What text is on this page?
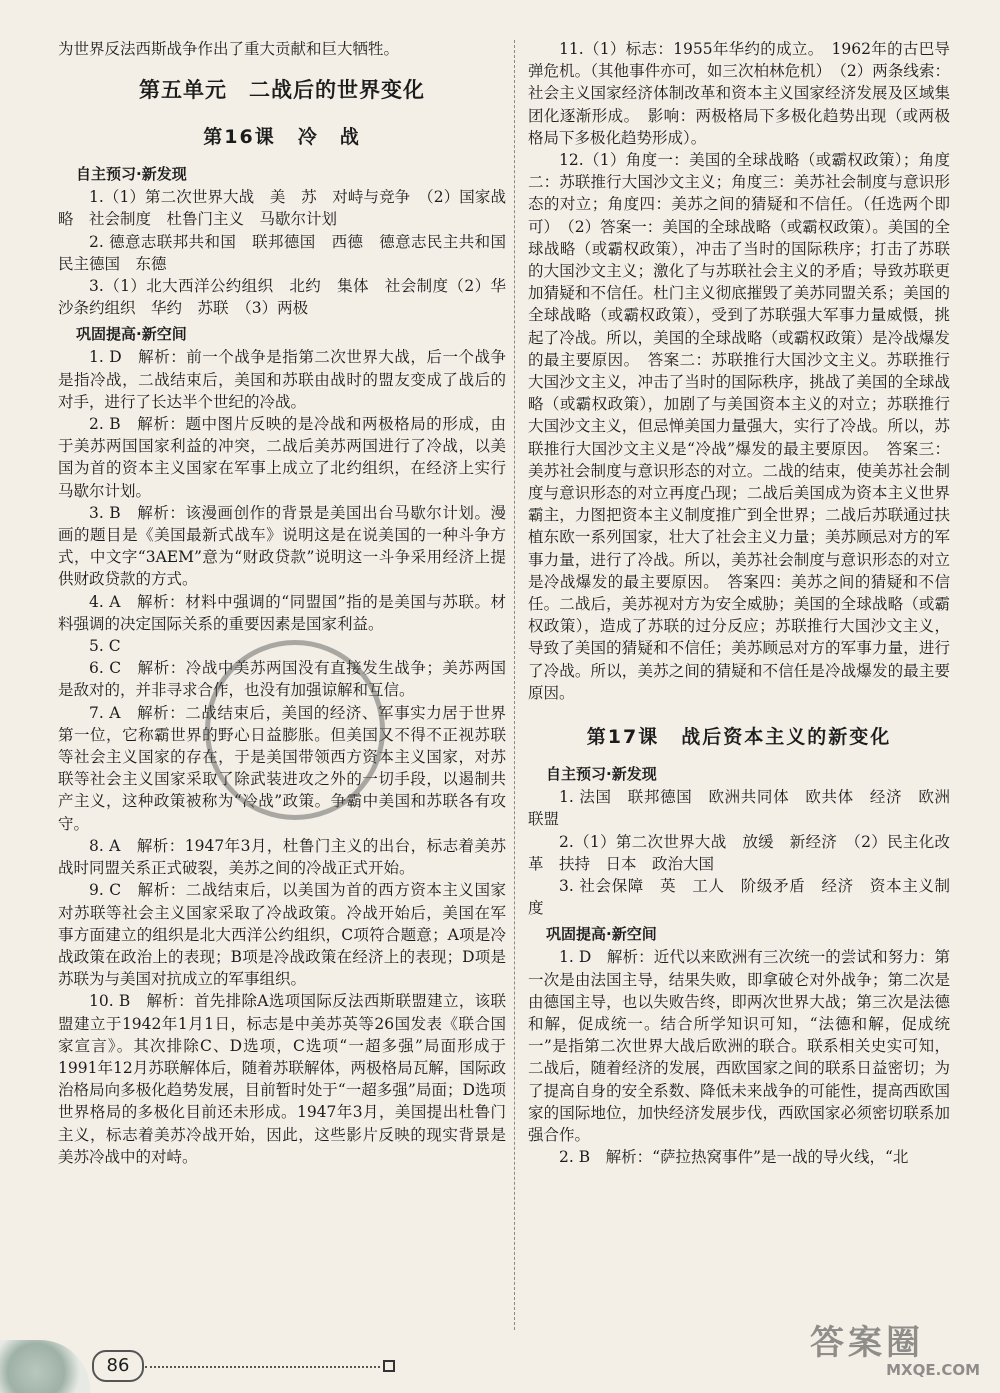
为世界反法西斯战争作出了重大贡献和巨大牺牲。

第五单元　二战后的世界变化
第16课 冷　战
自主预习·新发现

1.（1）第二次世界大战　美　苏　对峙与竞争　（2）国家战略　社会制度　杜鲁门主义　马歇尔计划

2. 德意志联邦共和国　联邦德国　西德　德意志民主共和国　民主德国　东德

3.（1）北大西洋公约组织　北约　集体　社会制度（2）华沙条约组织　华约　苏联　（3）两极

巩固提高·新空间

1. D　解析：前一个战争是指第二次世界大战，后一个战争是指冷战，二战结束后，美国和苏联由战时的盟友变成了战后的对手，进行了长达半个世纪的冷战。

2. B　解析：题中图片反映的是冷战和两极格局的形成，由于美苏两国国家利益的冲突，二战后美苏两国进行了冷战，以美国为首的资本主义国家在军事上成立了北约组织，在经济上实行马歇尔计划。

3. B　解析：该漫画创作的背景是美国出台马歇尔计划。漫画的题目是《美国最新式战车》说明这是在说美国的一种斗争方式，中文字“3AEM”意为“财政贷款”说明这一斗争采用经济上提供财政贷款的方式。

4. A　解析：材料中强调的“同盟国”指的是美国与苏联。材料强调的决定国际关系的重要因素是国家利益。

5. C

6. C　解析：冷战中美苏两国没有直接发生战争；美苏两国是敌对的，并非寻求合作，也没有加强谅解和互信。

7. A　解析：二战结束后，美国的经济、军事实力居于世界第一位，它称霸世界的野心日益膨胀。但美国又不得不正视苏联等社会主义国家的存在，于是美国带领西方资本主义国家，对苏联等社会主义国家采取了除武装进攻之外的一切手段，以遏制共产主义，这种政策被称为“冷战”政策。争霸中美国和苏联各有攻守。

8. A　解析：1947年3月，杜鲁门主义的出台，标志着美苏战时同盟关系正式破裂，美苏之间的冷战正式开始。

9. C　解析：二战结束后，以美国为首的西方资本主义国家对苏联等社会主义国家采取了冷战政策。冷战开始后，美国在军事方面建立的组织是北大西洋公约组织，C项符合题意；A项是冷战政策在政治上的表现；B项是冷战政策在经济上的表现；D项是苏联为与美国对抗成立的军事组织。

10. B　解析：首先排除A选项国际反法西斯联盟建立，该联盟建立于1942年1月1日，标志是中美苏英等26国发表《联合国家宣言》。其次排除C、D选项，C选项“一超多强”局面形成于1991年12月苏联解体后，随着苏联解体，两极格局瓦解，国际政治格局向多极化趋势发展，目前暂时处于“一超多强”局面；D选项世界格局的多极化目前还未形成。1947年3月，美国提出杜鲁门主义，标志着美苏冷战开始，因此，这些影片反映的现实背景是美苏冷战中的对峙。

11.（1）标志：1955年华约的成立。　1962年的古巴导弹危机。（其他事件亦可，如三次柏林危机）　（2）两条线索：社会主义国家经济体制改革和资本主义国家经济发展及区域集团化逐渐形成。　影响：两极格局下多极化趋势出现（或两极格局下多极化趋势形成）。

12.（1）角度一：美国的全球战略（或霸权政策）；角度二：苏联推行大国沙文主义；角度三：美苏社会制度与意识形态的对立；角度四：美苏之间的猜疑和不信任。（任选两个即可）　（2）答案一：美国的全球战略（或霸权政策）。美国的全球战略（或霸权政策），冲击了当时的国际秩序；打击了苏联的大国沙文主义；激化了与苏联社会主义的矛盾；导致苏联更加猜疑和不信任。杜门主义彻底摧毁了美苏同盟关系；美国的全球战略（或霸权政策），受到了苏联强大军事力量威慑，挑起了冷战。所以，美国的全球战略（或霸权政策）是冷战爆发的最主要原因。　答案二：苏联推行大国沙文主义。苏联推行大国沙文主义，冲击了当时的国际秩序，挑战了美国的全球战略（或霸权政策），加剧了与美国资本主义的对立；苏联推行大国沙文主义，但忌惮美国力量强大，实行了冷战。所以，苏联推行大国沙文主义是“冷战”爆发的最主要原因。　答案三：美苏社会制度与意识形态的对立。二战的结束，使美苏社会制度与意识形态的对立再度凸现；二战后美国成为资本主义世界霸主，力图把资本主义制度推广到全世界；二战后苏联通过扶植东欧一系列国家，壮大了社会主义力量；美苏顾忌对方的军事力量，进行了冷战。所以，美苏社会制度与意识形态的对立是冷战爆发的最主要原因。　答案四：美苏之间的猜疑和不信任。二战后，美苏视对方为安全威胁；美国的全球战略（或霸权政策），造成了苏联的过分反应；苏联推行大国沙文主义，导致了美国的猜疑和不信任；美苏顾忌对方的军事力量，进行了冷战。所以，美苏之间的猜疑和不信任是冷战爆发的最主要原因。

第17课 战后资本主义的新变化
自主预习·新发现

1. 法国　联邦德国　欧洲共同体　欧共体　经济　欧洲联盟

2.（1）第二次世界大战　放缓　新经济　（2）民主化改革　扶持　日本　政治大国

3. 社会保障　英　工人　阶级矛盾　经济　资本主义制度

巩固提高·新空间

1. D　解析：近代以来欧洲有三次统一的尝试和努力：第一次是由法国主导，结果失败，即拿破仑对外战争；第二次是由德国主导，也以失败告终，即两次世界大战；第三次是法德和解，促成统一。结合所学知识可知，“法德和解，促成统一”是指第二次世界大战后欧洲的联合。联系相关史实可知，二战后，随着经济的发展，西欧国家之间的联系日益密切；为了提高自身的安全系数、降低未来战争的可能性，提高西欧国家的国际地位，加快经济发展步伐，西欧国家必须密切联系加强合作。

2. B　解析：“萨拉热窝事件”是一战的导火线，“北

86
答案圈
MXQE.COM
